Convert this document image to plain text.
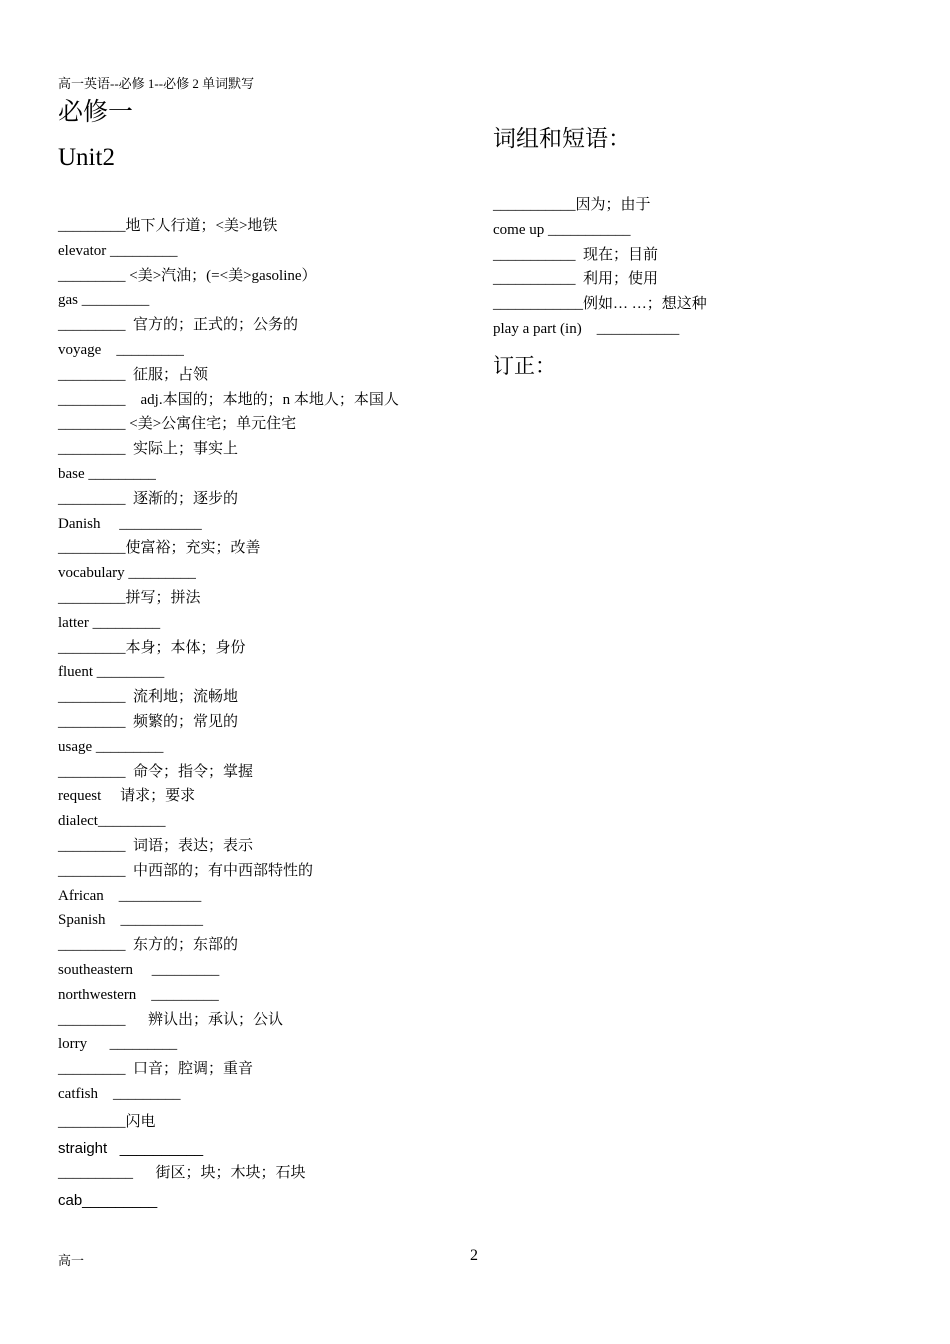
高一英语--必修 1--必修 2 单词默写
必修一
Unit2
_________地下人行道；<美>地铁
elevator _________
_________ <美>汽油；(=<美>gasoline）
gas _________
_________  官方的；正式的；公务的
voyage    _________
_________  征服；占领
_________    adj.本国的；本地的；n 本地人；本国人
_________ <美>公寓住宅；单元住宅
_________  实际上；事实上
base _________
_________  逐渐的；逐步的
Danish     ___________
_________使富裕；充实；改善
vocabulary _________
_________拼写；拼法
latter _________
_________本身；本体；身份
fluent _________
_________  流利地；流畅地
_________  频繁的；常见的
usage _________
_________  命令；指令；掌握
request     请求；要求
dialect_________
_________  词语；表达；表示
_________  中西部的；有中西部特性的
African    ___________
Spanish    ___________
_________  东方的；东部的
southeastern     _________
northwestern    _________
_________      辨认出；承认；公认
lorry      _________
_________  口音；腔调；重音
catfish    _________
_________闪电
straight   __________
__________      街区；块；木块；石块
cab_________
词组和短语：
___________因为；由于
come up ___________
___________  现在；目前
___________  利用；使用
____________例如… …；想这种
play a part (in)    ___________
订正：
高一	2
